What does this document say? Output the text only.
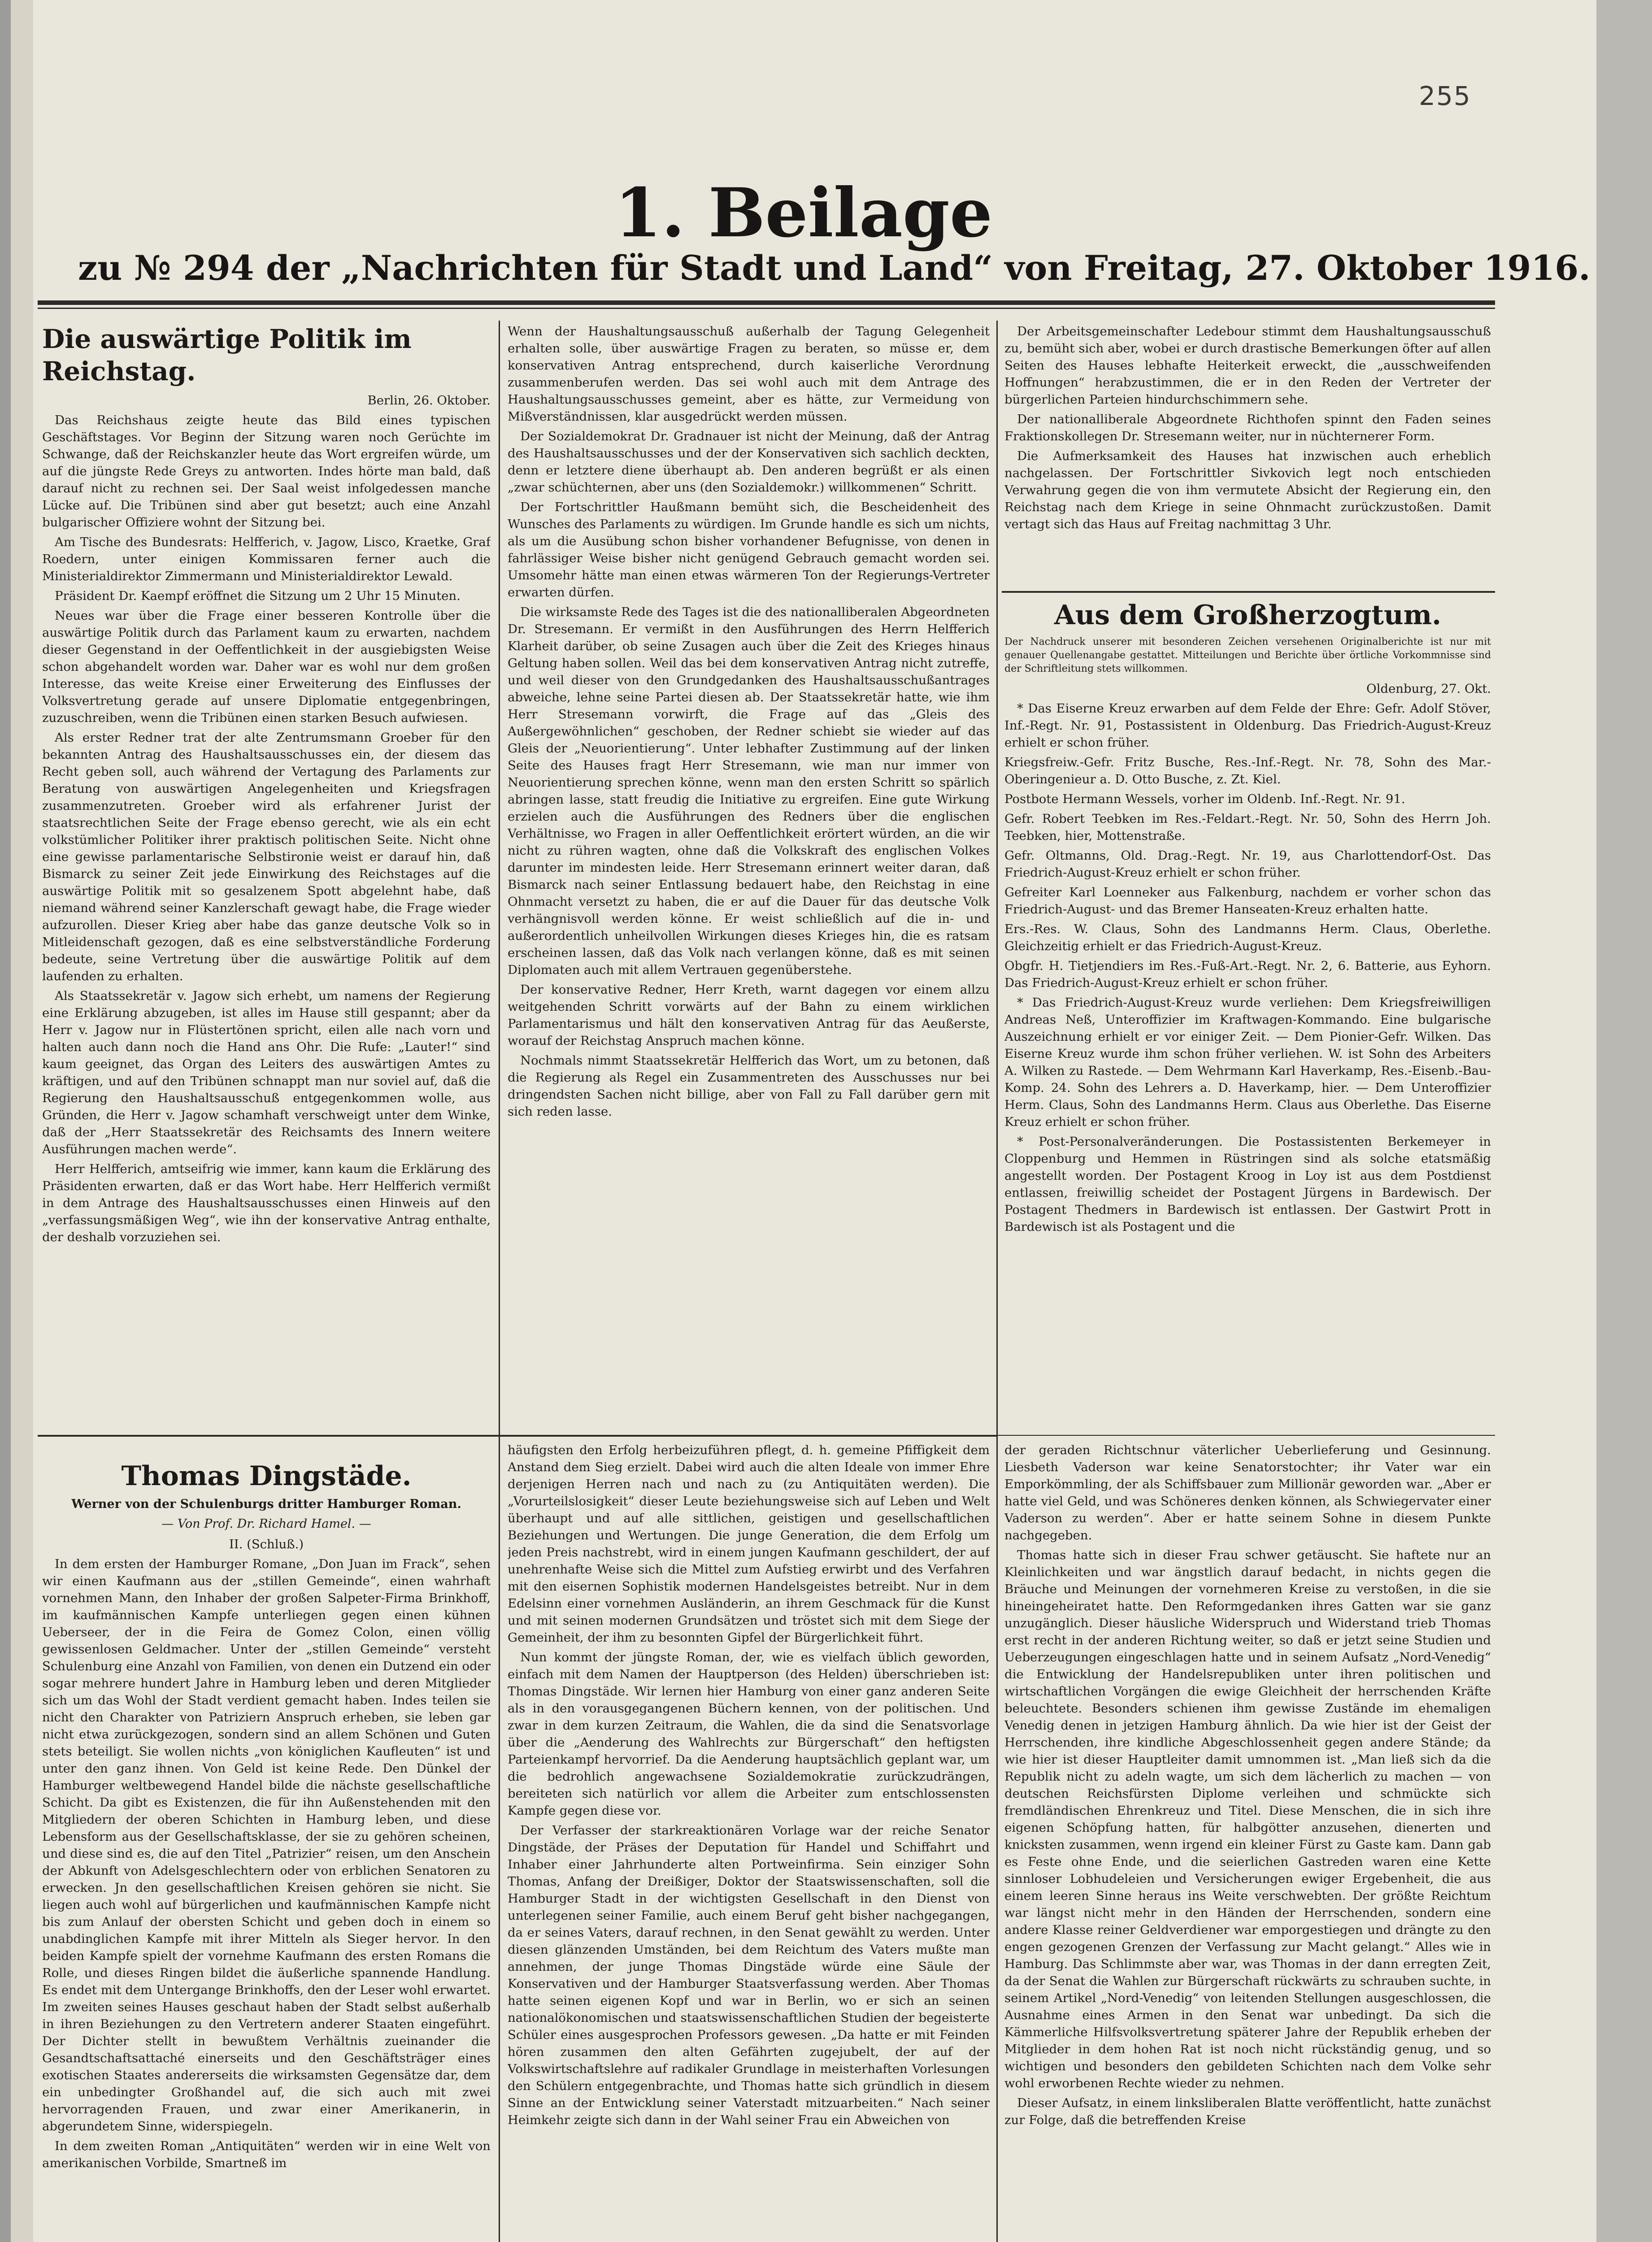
255
1. Beilage
zu № 294 der „Nachrichten für Stadt und Land“ von Freitag, 27. Oktober 1916.
Die auswärtige Politik im Reichstag.

Berlin, 26. Oktober.

Das Reichshaus zeigte heute das Bild eines typischen Geschäftstages. Vor Beginn der Sitzung waren noch Gerüchte im Schwange, daß der Reichskanzler heute das Wort ergreifen würde, um auf die jüngste Rede Greys zu antworten. Indes hörte man bald, daß darauf nicht zu rechnen sei. Der Saal weist infolgedessen manche Lücke auf. Die Tribünen sind aber gut besetzt; auch eine Anzahl bulgarischer Offiziere wohnt der Sitzung bei.

Am Tische des Bundesrats: Helfferich, v. Jagow, Lisco, Kraetke, Graf Roedern, unter einigen Kommissaren ferner auch die Ministerialdirektor Zimmermann und Ministerialdirektor Lewald.

Präsident Dr. Kaempf eröffnet die Sitzung um 2 Uhr 15 Minuten.

Neues war über die Frage einer besseren Kontrolle über die auswärtige Politik durch das Parlament kaum zu erwarten, nachdem dieser Gegenstand in der Oeffentlichkeit in der ausgiebigsten Weise schon abgehandelt worden war. Daher war es wohl nur dem großen Interesse, das weite Kreise einer Erweiterung des Einflusses der Volksvertretung gerade auf unsere Diplomatie entgegenbringen, zuzuschreiben, wenn die Tribünen einen starken Besuch aufwiesen.

Als erster Redner trat der alte Zentrumsmann Groeber für den bekannten Antrag des Haushaltsausschusses ein, der diesem das Recht geben soll, auch während der Vertagung des Parlaments zur Beratung von auswärtigen Angelegenheiten und Kriegsfragen zusammenzutreten. Groeber wird als erfahrener Jurist der staatsrechtlichen Seite der Frage ebenso gerecht, wie als ein echt volkstümlicher Politiker ihrer praktisch politischen Seite. Nicht ohne eine gewisse parlamentarische Selbstironie weist er darauf hin, daß Bismarck zu seiner Zeit jede Einwirkung des Reichstages auf die auswärtige Politik mit so gesalzenem Spott abgelehnt habe, daß niemand während seiner Kanzlerschaft gewagt habe, die Frage wieder aufzurollen. Dieser Krieg aber habe das ganze deutsche Volk so in Mitleidenschaft gezogen, daß es eine selbstverständliche Forderung bedeute, seine Vertretung über die auswärtige Politik auf dem laufenden zu erhalten.

Als Staatssekretär v. Jagow sich erhebt, um namens der Regierung eine Erklärung abzugeben, ist alles im Hause still gespannt; aber da Herr v. Jagow nur in Flüstertönen spricht, eilen alle nach vorn und halten auch dann noch die Hand ans Ohr. Die Rufe: „Lauter!“ sind kaum geeignet, das Organ des Leiters des auswärtigen Amtes zu kräftigen, und auf den Tribünen schnappt man nur soviel auf, daß die Regierung den Haushaltsausschuß entgegenkommen wolle, aus Gründen, die Herr v. Jagow schamhaft verschweigt unter dem Winke, daß der „Herr Staatssekretär des Reichsamts des Innern weitere Ausführungen machen werde“.

Herr Helfferich, amtseifrig wie immer, kann kaum die Erklärung des Präsidenten erwarten, daß er das Wort habe. Herr Helfferich vermißt in dem Antrage des Haushaltsausschusses einen Hinweis auf den „verfassungsmäßigen Weg“, wie ihn der konservative Antrag enthalte, der deshalb vorzuziehen sei.

Wenn der Haushaltungsausschuß außerhalb der Tagung Gelegenheit erhalten solle, über auswärtige Fragen zu beraten, so müsse er, dem konservativen Antrag entsprechend, durch kaiserliche Verordnung zusammenberufen werden. Das sei wohl auch mit dem Antrage des Haushaltungsausschusses gemeint, aber es hätte, zur Vermeidung von Mißverständnissen, klar ausgedrückt werden müssen.

Der Sozialdemokrat Dr. Gradnauer ist nicht der Meinung, daß der Antrag des Haushaltsausschusses und der der Konservativen sich sachlich deckten, denn er letztere diene überhaupt ab. Den anderen begrüßt er als einen „zwar schüchternen, aber uns (den Sozialdemokr.) willkommenen“ Schritt.

Der Fortschrittler Haußmann bemüht sich, die Bescheidenheit des Wunsches des Parlaments zu würdigen. Im Grunde handle es sich um nichts, als um die Ausübung schon bisher vorhandener Befugnisse, von denen in fahrlässiger Weise bisher nicht genügend Gebrauch gemacht worden sei. Umsomehr hätte man einen etwas wärmeren Ton der Regierungs-Vertreter erwarten dürfen.

Die wirksamste Rede des Tages ist die des nationalliberalen Abgeordneten Dr. Stresemann. Er vermißt in den Ausführungen des Herrn Helfferich Klarheit darüber, ob seine Zusagen auch über die Zeit des Krieges hinaus Geltung haben sollen. Weil das bei dem konservativen Antrag nicht zutreffe, und weil dieser von den Grundgedanken des Haushaltsausschußantrages abweiche, lehne seine Partei diesen ab. Der Staatssekretär hatte, wie ihm Herr Stresemann vorwirft, die Frage auf das „Gleis des Außergewöhnlichen“ geschoben, der Redner schiebt sie wieder auf das Gleis der „Neuorientierung“. Unter lebhafter Zustimmung auf der linken Seite des Hauses fragt Herr Stresemann, wie man nur immer von Neuorientierung sprechen könne, wenn man den ersten Schritt so spärlich abringen lasse, statt freudig die Initiative zu ergreifen. Eine gute Wirkung erzielen auch die Ausführungen des Redners über die englischen Verhältnisse, wo Fragen in aller Oeffentlichkeit erörtert würden, an die wir nicht zu rühren wagten, ohne daß die Volkskraft des englischen Volkes darunter im mindesten leide. Herr Stresemann erinnert weiter daran, daß Bismarck nach seiner Entlassung bedauert habe, den Reichstag in eine Ohnmacht versetzt zu haben, die er auf die Dauer für das deutsche Volk verhängnisvoll werden könne. Er weist schließlich auf die in- und außerordentlich unheilvollen Wirkungen dieses Krieges hin, die es ratsam erscheinen lassen, daß das Volk nach verlangen könne, daß es mit seinen Diplomaten auch mit allem Vertrauen gegenüberstehe.

Der konservative Redner, Herr Kreth, warnt dagegen vor einem allzu weitgehenden Schritt vorwärts auf der Bahn zu einem wirklichen Parlamentarismus und hält den konservativen Antrag für das Aeußerste, worauf der Reichstag Anspruch machen könne.

Nochmals nimmt Staatssekretär Helfferich das Wort, um zu betonen, daß die Regierung als Regel ein Zusammentreten des Ausschusses nur bei dringendsten Sachen nicht billige, aber von Fall zu Fall darüber gern mit sich reden lasse.

Der Arbeitsgemeinschafter Ledebour stimmt dem Haushaltungsausschuß zu, bemüht sich aber, wobei er durch drastische Bemerkungen öfter auf allen Seiten des Hauses lebhafte Heiterkeit erweckt, die „ausschweifenden Hoffnungen“ herabzustimmen, die er in den Reden der Vertreter der bürgerlichen Parteien hindurchschimmern sehe.

Der nationalliberale Abgeordnete Richthofen spinnt den Faden seines Fraktionskollegen Dr. Stresemann weiter, nur in nüchternerer Form.

Die Aufmerksamkeit des Hauses hat inzwischen auch erheblich nachgelassen. Der Fortschrittler Sivkovich legt noch entschieden Verwahrung gegen die von ihm vermutete Absicht der Regierung ein, den Reichstag nach dem Kriege in seine Ohnmacht zurückzustoßen. Damit vertagt sich das Haus auf Freitag nachmittag 3 Uhr.

Aus dem Großherzogtum.
Der Nachdruck unserer mit besonderen Zeichen versehenen Originalberichte ist nur mit genauer Quellenangabe gestattet. Mitteilungen und Berichte über örtliche Vorkommnisse sind der Schriftleitung stets willkommen.

Oldenburg, 27. Okt.

* Das Eiserne Kreuz erwarben auf dem Felde der Ehre: Gefr. Adolf Stöver, Inf.-Regt. Nr. 91, Postassistent in Oldenburg. Das Friedrich-August-Kreuz erhielt er schon früher.

Kriegsfreiw.-Gefr. Fritz Busche, Res.-Inf.-Regt. Nr. 78, Sohn des Mar.-Oberingenieur a. D. Otto Busche, z. Zt. Kiel.

Postbote Hermann Wessels, vorher im Oldenb. Inf.-Regt. Nr. 91.

Gefr. Robert Teebken im Res.-Feldart.-Regt. Nr. 50, Sohn des Herrn Joh. Teebken, hier, Mottenstraße.

Gefr. Oltmanns, Old. Drag.-Regt. Nr. 19, aus Charlottendorf-Ost. Das Friedrich-August-Kreuz erhielt er schon früher.

Gefreiter Karl Loenneker aus Falkenburg, nachdem er vorher schon das Friedrich-August- und das Bremer Hanseaten-Kreuz erhalten hatte.

Ers.-Res. W. Claus, Sohn des Landmanns Herm. Claus, Oberlethe. Gleichzeitig erhielt er das Friedrich-August-Kreuz.

Obgfr. H. Tietjendiers im Res.-Fuß-Art.-Regt. Nr. 2, 6. Batterie, aus Eyhorn. Das Friedrich-August-Kreuz erhielt er schon früher.

* Das Friedrich-August-Kreuz wurde verliehen: Dem Kriegsfreiwilligen Andreas Neß, Unteroffizier im Kraftwagen-Kommando. Eine bulgarische Auszeichnung erhielt er vor einiger Zeit. — Dem Pionier-Gefr. Wilken. Das Eiserne Kreuz wurde ihm schon früher verliehen. W. ist Sohn des Arbeiters A. Wilken zu Rastede. — Dem Wehrmann Karl Haverkamp, Res.-Eisenb.-Bau-Komp. 24. Sohn des Lehrers a. D. Haverkamp, hier. — Dem Unteroffizier Herm. Claus, Sohn des Landmanns Herm. Claus aus Oberlethe. Das Eiserne Kreuz erhielt er schon früher.

* Post-Personalveränderungen. Die Postassistenten Berkemeyer in Cloppenburg und Hemmen in Rüstringen sind als solche etatsmäßig angestellt worden. Der Postagent Kroog in Loy ist aus dem Postdienst entlassen, freiwillig scheidet der Postagent Jürgens in Bardewisch. Der Postagent Thedmers in Bardewisch ist entlassen. Der Gastwirt Prott in Bardewisch ist als Postagent und die

Thomas Dingstäde.
Werner von der Schulenburgs dritter Hamburger Roman.
— Von Prof. Dr. Richard Hamel. —

II. (Schluß.)

In dem ersten der Hamburger Romane, „Don Juan im Frack“, sehen wir einen Kaufmann aus der „stillen Gemeinde“, einen wahrhaft vornehmen Mann, den Inhaber der großen Salpeter-Firma Brinkhoff, im kaufmännischen Kampfe unterliegen gegen einen kühnen Ueberseer, der in die Feira de Gomez Colon, einen völlig gewissenlosen Geldmacher. Unter der „stillen Gemeinde“ versteht Schulenburg eine Anzahl von Familien, von denen ein Dutzend ein oder sogar mehrere hundert Jahre in Hamburg leben und deren Mitglieder sich um das Wohl der Stadt verdient gemacht haben. Indes teilen sie nicht den Charakter von Patriziern Anspruch erheben, sie leben gar nicht etwa zurückgezogen, sondern sind an allem Schönen und Guten stets beteiligt. Sie wollen nichts „von königlichen Kaufleuten“ ist und unter den ganz ihnen. Von Geld ist keine Rede. Den Dünkel der Hamburger weltbewegend Handel bilde die nächste gesellschaftliche Schicht. Da gibt es Existenzen, die für ihn Außenstehenden mit den Mitgliedern der oberen Schichten in Hamburg leben, und diese Lebensform aus der Gesellschaftsklasse, der sie zu gehören scheinen, und diese sind es, die auf den Titel „Patrizier“ reisen, um den Anschein der Abkunft von Adelsgeschlechtern oder von erblichen Senatoren zu erwecken. Jn den gesellschaftlichen Kreisen gehören sie nicht. Sie liegen auch wohl auf bürgerlichen und kaufmännischen Kampfe nicht bis zum Anlauf der obersten Schicht und geben doch in einem so unabdinglichen Kampfe mit ihrer Mitteln als Sieger hervor. In den beiden Kampfe spielt der vornehme Kaufmann des ersten Romans die Rolle, und dieses Ringen bildet die äußerliche spannende Handlung. Es endet mit dem Untergange Brinkhoffs, den der Leser wohl erwartet. Im zweiten seines Hauses geschaut haben der Stadt selbst außerhalb in ihren Beziehungen zu den Vertretern anderer Staaten eingeführt. Der Dichter stellt in bewußtem Verhältnis zueinander die Gesandtschaftsattaché einerseits und den Geschäftsträger eines exotischen Staates andererseits die wirksamsten Gegensätze dar, dem ein unbedingter Großhandel auf, die sich auch mit zwei hervorragenden Frauen, und zwar einer Amerikanerin, in abgerundetem Sinne, widerspiegeln.

In dem zweiten Roman „Antiquitäten“ werden wir in eine Welt von amerikanischen Vorbilde, Smartneß im

häufigsten den Erfolg herbeizuführen pflegt, d. h. gemeine Pfiffigkeit dem Anstand dem Sieg erzielt. Dabei wird auch die alten Ideale von immer Ehre derjenigen Herren nach und nach zu (zu Antiquitäten werden). Die „Vorurteilslosigkeit“ dieser Leute beziehungsweise sich auf Leben und Welt überhaupt und auf alle sittlichen, geistigen und gesellschaftlichen Beziehungen und Wertungen. Die junge Generation, die dem Erfolg um jeden Preis nachstrebt, wird in einem jungen Kaufmann geschildert, der auf unehrenhafte Weise sich die Mittel zum Aufstieg erwirbt und des Verfahren mit den eisernen Sophistik modernen Handelsgeistes betreibt. Nur in dem Edelsinn einer vornehmen Ausländerin, an ihrem Geschmack für die Kunst und mit seinen modernen Grundsätzen und tröstet sich mit dem Siege der Gemeinheit, der ihm zu besonnten Gipfel der Bürgerlichkeit führt.

Nun kommt der jüngste Roman, der, wie es vielfach üblich geworden, einfach mit dem Namen der Hauptperson (des Helden) überschrieben ist: Thomas Dingstäde. Wir lernen hier Hamburg von einer ganz anderen Seite als in den vorausgegangenen Büchern kennen, von der politischen. Und zwar in dem kurzen Zeitraum, die Wahlen, die da sind die Senatsvorlage über die „Aenderung des Wahlrechts zur Bürgerschaft“ den heftigsten Parteienkampf hervorrief. Da die Aenderung hauptsächlich geplant war, um die bedrohlich angewachsene Sozialdemokratie zurückzudrängen, bereiteten sich natürlich vor allem die Arbeiter zum entschlossensten Kampfe gegen diese vor.

Der Verfasser der starkreaktionären Vorlage war der reiche Senator Dingstäde, der Präses der Deputation für Handel und Schiffahrt und Inhaber einer Jahrhunderte alten Portweinfirma. Sein einziger Sohn Thomas, Anfang der Dreißiger, Doktor der Staatswissenschaften, soll die Hamburger Stadt in der wichtigsten Gesellschaft in den Dienst von unterlegenen seiner Familie, auch einem Beruf geht bisher nachgegangen, da er seines Vaters, darauf rechnen, in den Senat gewählt zu werden. Unter diesen glänzenden Umständen, bei dem Reichtum des Vaters mußte man annehmen, der junge Thomas Dingstäde würde eine Säule der Konservativen und der Hamburger Staatsverfassung werden. Aber Thomas hatte seinen eigenen Kopf und war in Berlin, wo er sich an seinen nationalökonomischen und staatswissenschaftlichen Studien der begeisterte Schüler eines ausgesprochen Professors gewesen. „Da hatte er mit Feinden hören zusammen den alten Gefährten zugejubelt, der auf der Volkswirtschaftslehre auf radikaler Grundlage in meisterhaften Vorlesungen den Schülern entgegenbrachte, und Thomas hatte sich gründlich in diesem Sinne an der Entwicklung seiner Vaterstadt mitzuarbeiten.“ Nach seiner Heimkehr zeigte sich dann in der Wahl seiner Frau ein Abweichen von

der geraden Richtschnur väterlicher Ueberlieferung und Gesinnung. Liesbeth Vaderson war keine Senatorstochter; ihr Vater war ein Emporkömmling, der als Schiffsbauer zum Millionär geworden war. „Aber er hatte viel Geld, und was Schöneres denken können, als Schwiegervater einer Vaderson zu werden“. Aber er hatte seinem Sohne in diesem Punkte nachgegeben.

Thomas hatte sich in dieser Frau schwer getäuscht. Sie haftete nur an Kleinlichkeiten und war ängstlich darauf bedacht, in nichts gegen die Bräuche und Meinungen der vornehmeren Kreise zu verstoßen, in die sie hineingeheiratet hatte. Den Reformgedanken ihres Gatten war sie ganz unzugänglich. Dieser häusliche Widerspruch und Widerstand trieb Thomas erst recht in der anderen Richtung weiter, so daß er jetzt seine Studien und Ueberzeugungen eingeschlagen hatte und in seinem Aufsatz „Nord-Venedig“ die Entwicklung der Handelsrepubliken unter ihren politischen und wirtschaftlichen Vorgängen die ewige Gleichheit der herrschenden Kräfte beleuchtete. Besonders schienen ihm gewisse Zustände im ehemaligen Venedig denen in jetzigen Hamburg ähnlich. Da wie hier ist der Geist der Herrschenden, ihre kindliche Abgeschlossenheit gegen andere Stände; da wie hier ist dieser Hauptleiter damit umnommen ist. „Man ließ sich da die Republik nicht zu adeln wagte, um sich dem lächerlich zu machen — von deutschen Reichsfürsten Diplome verleihen und schmückte sich fremdländischen Ehrenkreuz und Titel. Diese Menschen, die in sich ihre eigenen Schöpfung hatten, für halbgötter anzusehen, dienerten und knicksten zusammen, wenn irgend ein kleiner Fürst zu Gaste kam. Dann gab es Feste ohne Ende, und die seierlichen Gastreden waren eine Kette sinnloser Lobhudeleien und Versicherungen ewiger Ergebenheit, die aus einem leeren Sinne heraus ins Weite verschwebten. Der größte Reichtum war längst nicht mehr in den Händen der Herrschenden, sondern eine andere Klasse reiner Geldverdiener war emporgestiegen und drängte zu den engen gezogenen Grenzen der Verfassung zur Macht gelangt.“ Alles wie in Hamburg. Das Schlimmste aber war, was Thomas in der dann erregten Zeit, da der Senat die Wahlen zur Bürgerschaft rückwärts zu schrauben suchte, in seinem Artikel „Nord-Venedig“ von leitenden Stellungen ausgeschlossen, die Ausnahme eines Armen in den Senat war unbedingt. Da sich die Kämmerliche Hilfsvolksvertretung späterer Jahre der Republik erheben der Mitglieder in dem hohen Rat ist noch nicht rückständig genug, und so wichtigen und besonders den gebildeten Schichten nach dem Volke sehr wohl erworbenen Rechte wieder zu nehmen.

Dieser Aufsatz, in einem linksliberalen Blatte veröffentlicht, hatte zunächst zur Folge, daß die betreffenden Kreise
